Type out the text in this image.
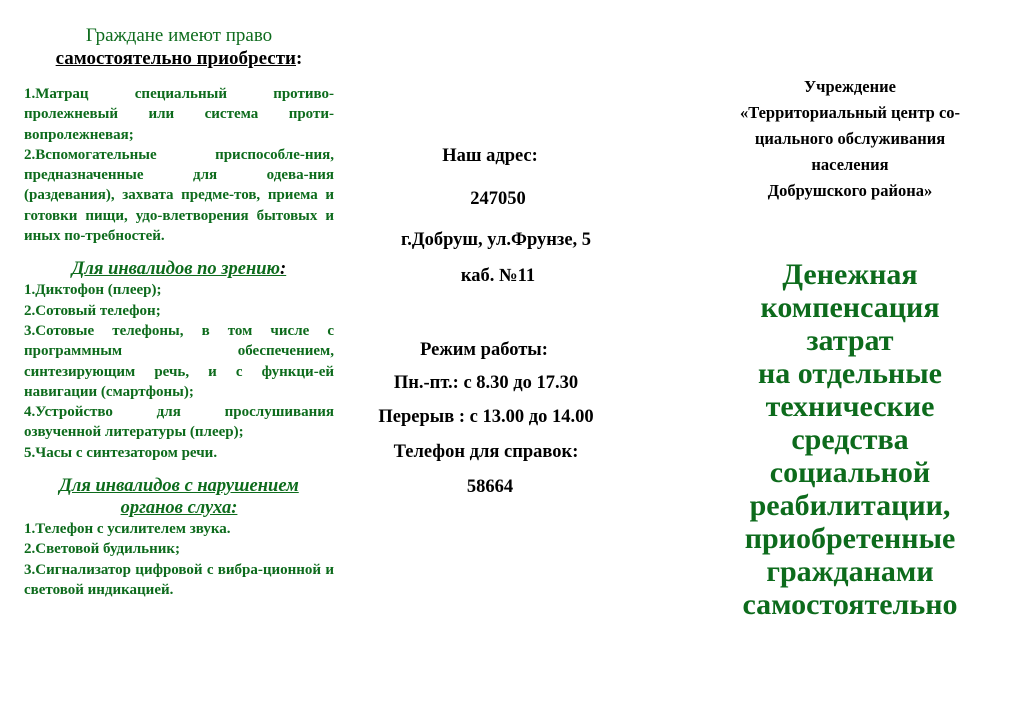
Граждане имеют право
самостоятельно приобрести:
1.Матрац специальный противо-пролежневый или система проти-вопролежневая;
2.Вспомогательные приспособле-ния, предназначенные для одева-ния (раздевания), захвата предме-тов, приема и готовки пищи, удо-влетворения бытовых и иных по-требностей.
Для инвалидов по зрению:
1.Диктофон (плеер);
2.Сотовый телефон;
3.Сотовые телефоны, в том числе с программным обеспечением, синтезирующим речь, и с функци-ей навигации (смартфоны);
4.Устройство для прослушивания озвученной литературы (плеер);
5.Часы с синтезатором речи.
Для инвалидов с нарушением
органов слуха:
1.Телефон с усилителем звука.
2.Световой будильник;
3.Сигнализатор цифровой с вибра-ционной и световой индикацией.
Наш адрес:
247050
г.Добруш, ул.Фрунзе, 5
каб. №11
Режим работы:
Пн.-пт.: с 8.30 до 17.30
Перерыв : с 13.00 до 14.00
Телефон для справок:
58664
Учреждение
«Территориальный центр со-
циального обслуживания
населения
Добрушского района»
Денежная
компенсация
затрат
на отдельные
технические
средства
социальной
реабилитации,
приобретенные
гражданами
самостоятельно
